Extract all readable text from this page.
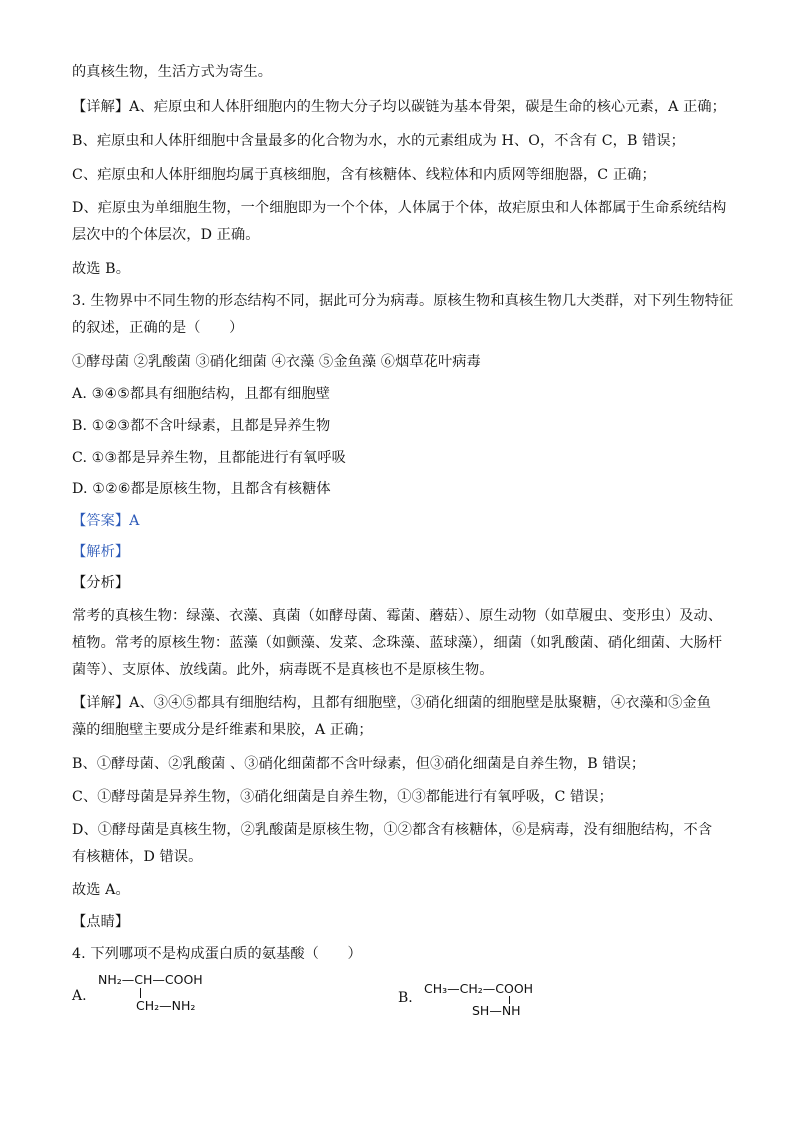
的真核生物，生活方式为寄生。
【详解】A、疟原虫和人体肝细胞内的生物大分子均以碳链为基本骨架，碳是生命的核心元素，A 正确；
B、疟原虫和人体肝细胞中含量最多的化合物为水，水的元素组成为 H、O，不含有 C，B 错误；
C、疟原虫和人体肝细胞均属于真核细胞，含有核糖体、线粒体和内质网等细胞器，C 正确；
D、疟原虫为单细胞生物，一个细胞即为一个个体，人体属于个体，故疟原虫和人体都属于生命系统结构
层次中的个体层次，D 正确。
故选 B。
3. 生物界中不同生物的形态结构不同，据此可分为病毒。原核生物和真核生物几大类群，对下列生物特征
的叙述，正确的是（　　）
①酵母菌 ②乳酸菌 ③硝化细菌 ④衣藻 ⑤金鱼藻 ⑥烟草花叶病毒
A. ③④⑤都具有细胞结构，且都有细胞壁
B. ①②③都不含叶绿素，且都是异养生物
C. ①③都是异养生物，且都能进行有氧呼吸
D. ①②⑥都是原核生物，且都含有核糖体
【答案】A
【解析】
【分析】
常考的真核生物：绿藻、衣藻、真菌（如酵母菌、霉菌、蘑菇）、原生动物（如草履虫、变形虫）及动、
植物。常考的原核生物：蓝藻（如颤藻、发菜、念珠藻、蓝球藻），细菌（如乳酸菌、硝化细菌、大肠杆
菌等）、支原体、放线菌。此外，病毒既不是真核也不是原核生物。
【详解】A、③④⑤都具有细胞结构，且都有细胞壁，③硝化细菌的细胞壁是肽聚糖，④衣藻和⑤金鱼
藻的细胞壁主要成分是纤维素和果胶，A 正确；
B、①酵母菌、②乳酸菌 、③硝化细菌都不含叶绿素，但③硝化细菌是自养生物，B 错误；
C、①酵母菌是异养生物，③硝化细菌是自养生物，①③都能进行有氧呼吸，C 错误；
D、①酵母菌是真核生物，②乳酸菌是原核生物，①②都含有核糖体，⑥是病毒，没有细胞结构，不含
有核糖体，D 错误。
故选 A。
【点睛】
4. 下列哪项不是构成蛋白质的氨基酸（　　）
A.
NH₂—CH—COOH
CH₂—NH₂	B.
CH₃—CH₂—COOH
SH—NH
